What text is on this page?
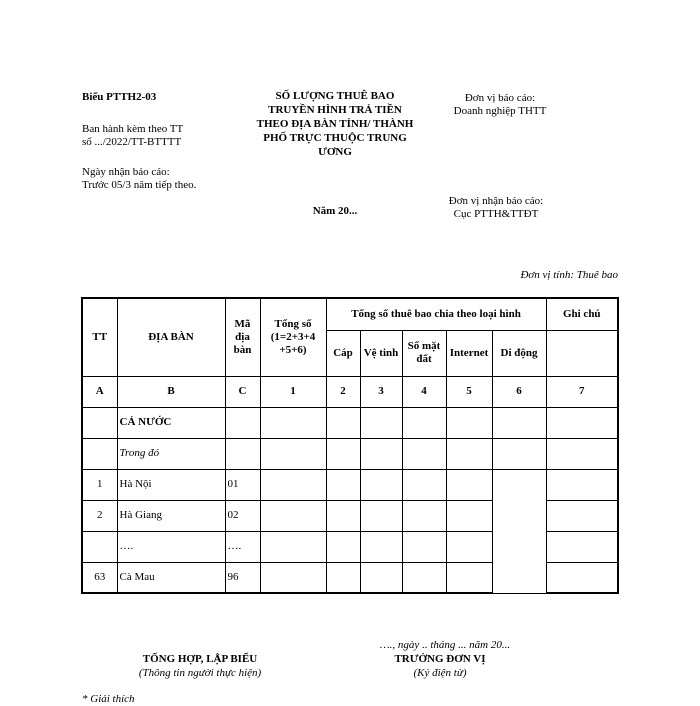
Biểu PTTH2-03
Ban hành kèm theo TT
số .../2022/TT-BTTTT
Ngày nhận báo cáo:
Trước 05/3 năm tiếp theo.
SỐ LƯỢNG THUÊ BAO
TRUYỀN HÌNH TRẢ TIỀN
THEO ĐỊA BÀN TỈNH/ THÀNH
PHỐ TRỰC THUỘC TRUNG
ƯƠNG
Năm 20...
Đơn vị báo cáo:
Doanh nghiệp THTT
Đơn vị nhận báo cáo:
Cục PTTH&TTĐT
Đơn vị tính: Thuê bao
TT	ĐỊA BÀN	Mã địa bàn	Tổng số (1=2+3+4 +5+6)	Tổng số thuê bao chia theo loại hình					Ghi chú
				Cáp	Vệ tinh	Số mặt đất	Internet	Di động	
A	B	C	1	2	3	4	5	6	7
	CẢ NƯỚC								
	Trong đó								
1	Hà Nội	01							
2	Hà Giang	02							
	….	….							
63	Cà Mau	96							
…., ngày .. tháng ... năm 20...
TỔNG HỢP, LẬP BIỂU
(Thông tin người thực hiện)
TRƯỞNG ĐƠN VỊ
(Ký điện tử)
* Giải thích
